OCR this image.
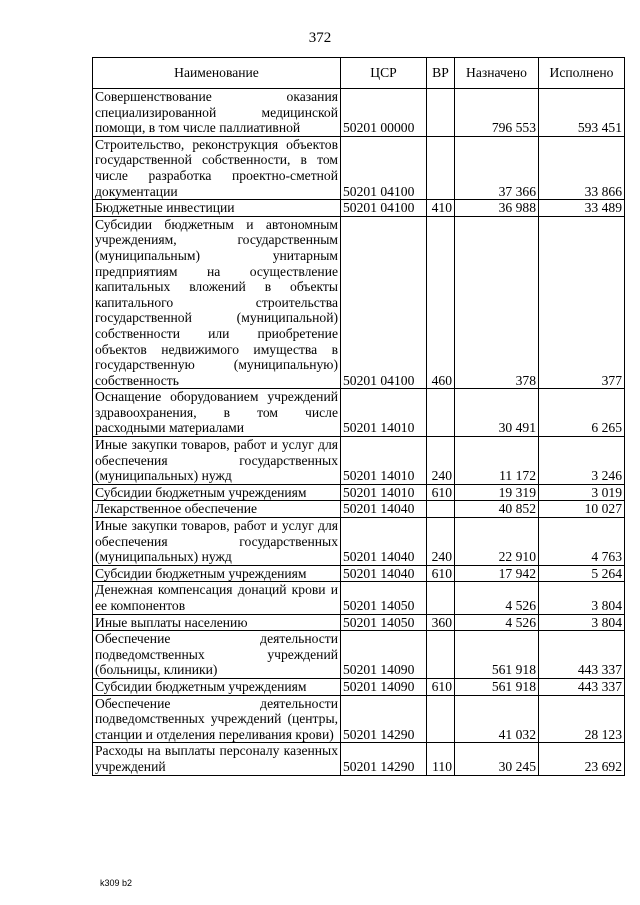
372
Наименование	ЦСР	ВР	Назначено	Исполнено
Совершенствование оказания специализированной медицинской помощи, в том числе паллиативной	50201 00000		796 553	593 451
Строительство, реконструкция объектов государственной собственности, в том числе разработка проектно-сметной документации	50201 04100		37 366	33 866
Бюджетные инвестиции	50201 04100	410	36 988	33 489
Субсидии бюджетным и автономным учреждениям, государственным (муниципальным) унитарным предприятиям на осуществление капитальных вложений в объекты капитального строительства государственной (муниципальной) собственности или приобретение объектов недвижимого имущества в государственную (муниципальную) собственность	50201 04100	460	378	377
Оснащение оборудованием учреждений здравоохранения, в том числе расходными материалами	50201 14010		30 491	6 265
Иные закупки товаров, работ и услуг для обеспечения государственных (муниципальных) нужд	50201 14010	240	11 172	3 246
Субсидии бюджетным учреждениям	50201 14010	610	19 319	3 019
Лекарственное обеспечение	50201 14040		40 852	10 027
Иные закупки товаров, работ и услуг для обеспечения государственных (муниципальных) нужд	50201 14040	240	22 910	4 763
Субсидии бюджетным учреждениям	50201 14040	610	17 942	5 264
Денежная компенсация донаций крови и ее компонентов	50201 14050		4 526	3 804
Иные выплаты населению	50201 14050	360	4 526	3 804
Обеспечение деятельности подведомственных учреждений (больницы, клиники)	50201 14090		561 918	443 337
Субсидии бюджетным учреждениям	50201 14090	610	561 918	443 337
Обеспечение деятельности подведомственных учреждений (центры, станции и отделения переливания крови)	50201 14290		41 032	28 123
Расходы на выплаты персоналу казенных учреждений	50201 14290	110	30 245	23 692
k309 b2
